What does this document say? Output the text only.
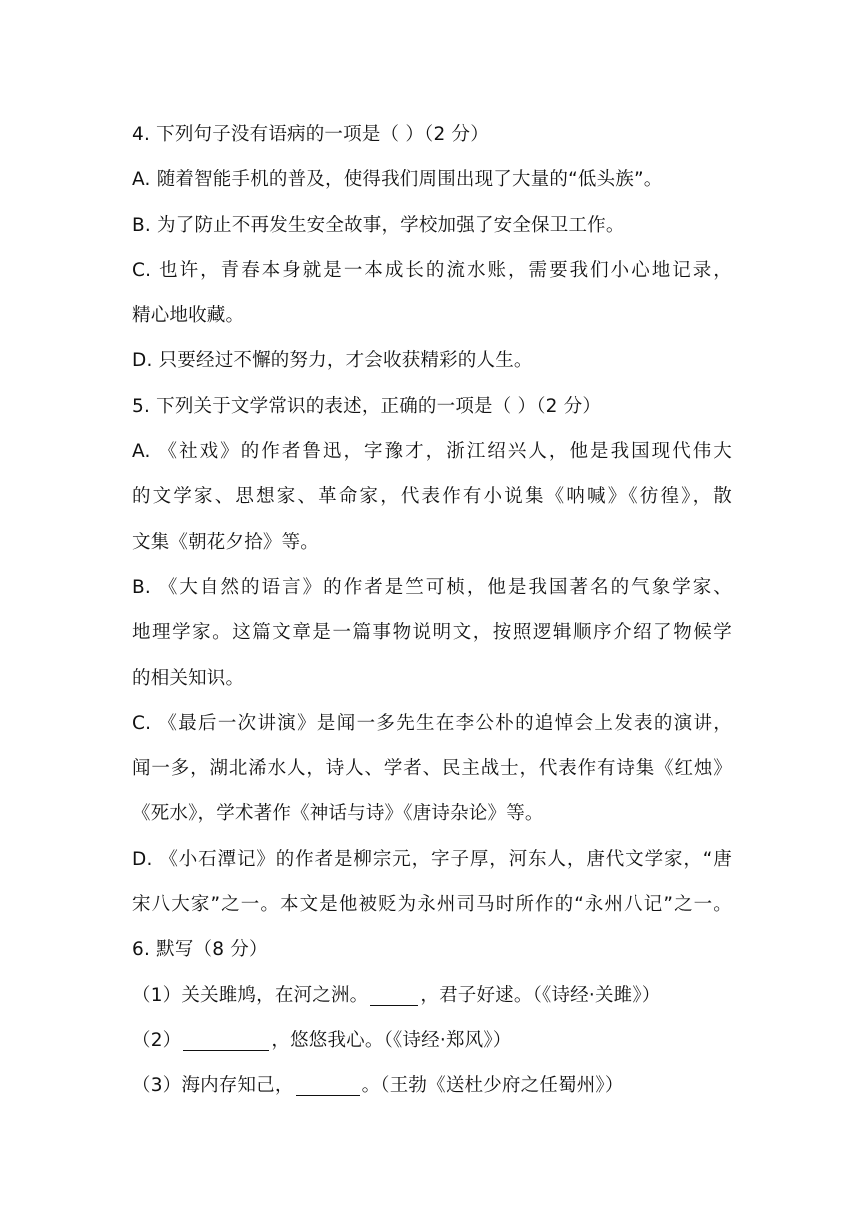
4. 下列句子没有语病的一项是（ ）（2 分）
A. 随着智能手机的普及，使得我们周围出现了大量的“低头族”。
B. 为了防止不再发生安全故事，学校加强了安全保卫工作。
C. 也许，青春本身就是一本成长的流水账，需要我们小心地记录，
精心地收藏。
D. 只要经过不懈的努力，才会收获精彩的人生。
5. 下列关于文学常识的表述，正确的一项是（ ）（2 分）
A. 《社戏》的作者鲁迅，字豫才，浙江绍兴人，他是我国现代伟大
的文学家、思想家、革命家，代表作有小说集《呐喊》《彷徨》，散
文集《朝花夕拾》等。
B. 《大自然的语言》的作者是竺可桢，他是我国著名的气象学家、
地理学家。这篇文章是一篇事物说明文，按照逻辑顺序介绍了物候学
的相关知识。
C. 《最后一次讲演》是闻一多先生在李公朴的追悼会上发表的演讲，
闻一多，湖北浠水人，诗人、学者、民主战士，代表作有诗集《红烛》
《死水》，学术著作《神话与诗》《唐诗杂论》等。
D. 《小石潭记》的作者是柳宗元，字子厚，河东人，唐代文学家，“唐
宋八大家”之一。本文是他被贬为永州司马时所作的“永州八记”之一。
6. 默写（8 分）
（1）关关雎鸠，在河之洲。	，君子好逑。（《诗经·关雎》）
（2）	，悠悠我心。（《诗经·郑风》）
（3）海内存知己，	。（王勃《送杜少府之任蜀州》）
